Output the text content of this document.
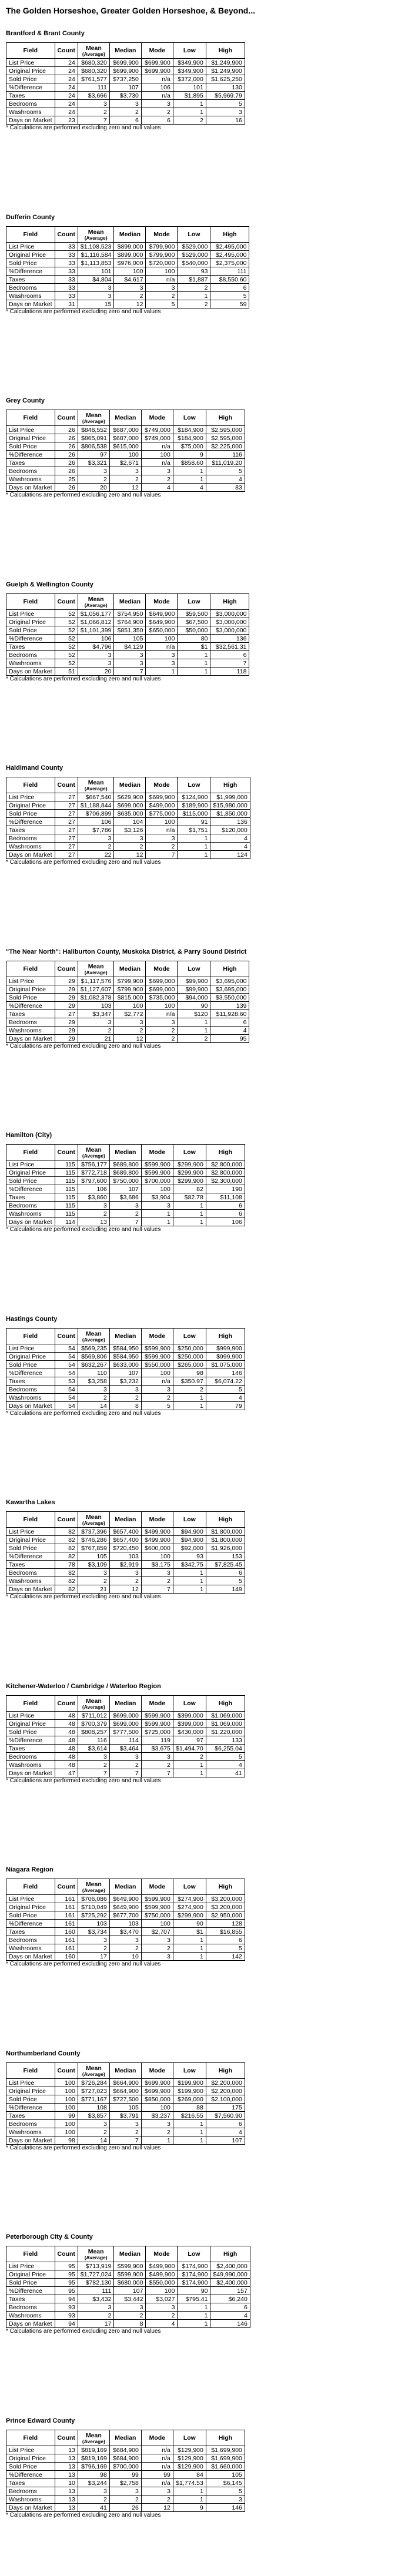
The Golden Horseshoe, Greater Golden Horseshoe, & Beyond...
Brantford & Brant County
Field	Count	Mean
(Average)	Median	Mode	Low	High
List Price	24	$680,320	$699,900	$699,900	$349,900	$1,249,900
Original Price	24	$680,320	$699,900	$699,900	$349,900	$1,249,900
Sold Price	24	$761,577	$737,250	n/a	$372,000	$1,625,250
%Difference	24	111	107	106	101	130
Taxes	24	$3,666	$3,730	n/a	$1,895	$5,969.79
Bedrooms	24	3	3	3	1	5
Washrooms	24	2	2	2	1	3
Days on Market	23	7	6	6	2	16
* Calculations are performed excluding zero and null values
Dufferin County
Field	Count	Mean
(Average)	Median	Mode	Low	High
List Price	33	$1,108,523	$899,000	$799,900	$529,000	$2,495,000
Original Price	33	$1,116,584	$899,000	$799,900	$529,000	$2,495,000
Sold Price	33	$1,113,853	$976,000	$720,000	$540,000	$2,375,000
%Difference	33	101	100	100	93	111
Taxes	33	$4,804	$4,617	n/a	$1,887	$8,550.60
Bedrooms	33	3	3	3	2	6
Washrooms	33	3	2	2	1	5
Days on Market	31	15	12	5	2	59
* Calculations are performed excluding zero and null values
Grey County
Field	Count	Mean
(Average)	Median	Mode	Low	High
List Price	26	$848,552	$687,000	$749,000	$184,900	$2,595,000
Original Price	26	$865,091	$687,000	$749,000	$184,900	$2,595,000
Sold Price	26	$806,538	$615,000	n/a	$75,000	$2,225,000
%Difference	26	97	100	100	9	116
Taxes	26	$3,321	$2,671	n/a	$858.60	$11,019.20
Bedrooms	26	3	3	3	1	5
Washrooms	25	2	2	2	1	4
Days on Market	26	20	12	4	4	83
* Calculations are performed excluding zero and null values
Guelph & Wellington County
Field	Count	Mean
(Average)	Median	Mode	Low	High
List Price	52	$1,056,177	$754,950	$649,900	$59,500	$3,000,000
Original Price	52	$1,066,812	$764,900	$649,900	$67,500	$3,000,000
Sold Price	52	$1,101,399	$851,350	$650,000	$50,000	$3,000,000
%Difference	52	106	105	100	80	136
Taxes	52	$4,796	$4,129	n/a	$1	$32,561.31
Bedrooms	52	3	3	3	1	6
Washrooms	52	3	3	3	1	7
Days on Market	51	20	7	1	1	118
* Calculations are performed excluding zero and null values
Haldimand County
Field	Count	Mean
(Average)	Median	Mode	Low	High
List Price	27	$667,540	$629,900	$699,900	$124,900	$1,999,000
Original Price	27	$1,188,844	$699,000	$499,000	$189,900	$15,980,000
Sold Price	27	$706,899	$635,000	$775,000	$115,000	$1,850,000
%Difference	27	106	104	100	91	136
Taxes	27	$7,786	$3,126	n/a	$1,751	$120,000
Bedrooms	27	3	3	3	1	4
Washrooms	27	2	2	2	1	4
Days on Market	27	22	12	7	1	124
* Calculations are performed excluding zero and null values
"The Near North": Haliburton County, Muskoka District, & Parry Sound District
Field	Count	Mean
(Average)	Median	Mode	Low	High
List Price	29	$1,117,576	$799,900	$699,000	$99,900	$3,695,000
Original Price	29	$1,127,607	$799,900	$699,000	$99,900	$3,695,000
Sold Price	29	$1,082,378	$815,000	$735,000	$94,000	$3,550,000
%Difference	29	103	100	100	90	139
Taxes	27	$3,347	$2,772	n/a	$120	$11,928.60
Bedrooms	29	3	3	3	1	6
Washrooms	29	2	2	2	1	4
Days on Market	29	21	12	2	2	95
* Calculations are performed excluding zero and null values
Hamilton (City)
Field	Count	Mean
(Average)	Median	Mode	Low	High
List Price	115	$756,177	$689,800	$599,900	$299,900	$2,800,000
Original Price	115	$772,718	$689,800	$599,900	$299,900	$2,800,000
Sold Price	115	$797,600	$750,000	$700,000	$299,900	$2,300,000
%Difference	115	106	107	100	82	190
Taxes	115	$3,860	$3,686	$3,904	$82.78	$11,108
Bedrooms	115	3	3	3	1	6
Washrooms	115	2	2	1	1	6
Days on Market	114	13	7	1	1	106
* Calculations are performed excluding zero and null values
Hastings County
Field	Count	Mean
(Average)	Median	Mode	Low	High
List Price	54	$569,235	$584,950	$599,900	$250,000	$999,900
Original Price	54	$569,806	$584,950	$599,900	$250,000	$999,900
Sold Price	54	$632,267	$633,000	$550,000	$265,000	$1,075,000
%Difference	54	110	107	100	98	146
Taxes	53	$3,258	$3,232	n/a	$350.97	$6,074.22
Bedrooms	54	3	3	3	2	5
Washrooms	54	2	2	2	1	4
Days on Market	54	14	8	5	1	79
* Calculations are performed excluding zero and null values
Kawartha Lakes
Field	Count	Mean
(Average)	Median	Mode	Low	High
List Price	82	$737,396	$657,400	$499,900	$94,900	$1,800,000
Original Price	82	$746,286	$657,400	$499,900	$94,900	$1,800,000
Sold Price	82	$767,859	$720,450	$600,000	$92,000	$1,926,000
%Difference	82	105	103	100	93	153
Taxes	78	$3,109	$2,919	$3,175	$342.75	$7,825.45
Bedrooms	82	3	3	3	1	6
Washrooms	82	2	2	2	1	5
Days on Market	82	21	12	7	1	149
* Calculations are performed excluding zero and null values
Kitchener-Waterloo / Cambridge / Waterloo Region
Field	Count	Mean
(Average)	Median	Mode	Low	High
List Price	48	$711,012	$699,000	$599,900	$399,000	$1,069,000
Original Price	48	$700,379	$699,000	$599,900	$399,000	$1,069,000
Sold Price	48	$808,257	$777,500	$725,000	$430,000	$1,220,000
%Difference	48	116	114	119	97	133
Taxes	48	$3,614	$3,464	$3,675	$1,494.70	$6,255.04
Bedrooms	48	3	3	3	2	5
Washrooms	48	2	2	2	1	4
Days on Market	47	7	7	7	1	41
* Calculations are performed excluding zero and null values
Niagara Region
Field	Count	Mean
(Average)	Median	Mode	Low	High
List Price	161	$706,086	$649,900	$599,900	$274,900	$3,200,000
Original Price	161	$710,049	$649,900	$599,900	$274,900	$3,200,000
Sold Price	161	$725,292	$677,700	$750,000	$299,900	$2,950,000
%Difference	161	103	103	100	90	128
Taxes	160	$3,734	$3,470	$2,707	$1	$16,855
Bedrooms	161	3	3	3	1	6
Washrooms	161	2	2	2	1	5
Days on Market	160	17	10	3	1	142
* Calculations are performed excluding zero and null values
Northumberland County
Field	Count	Mean
(Average)	Median	Mode	Low	High
List Price	100	$726,284	$664,900	$699,900	$199,900	$2,200,000
Original Price	100	$727,023	$664,900	$699,900	$199,900	$2,200,000
Sold Price	100	$771,167	$727,500	$850,000	$269,000	$2,100,000
%Difference	100	108	105	100	88	175
Taxes	99	$3,857	$3,791	$3,237	$216.55	$7,560.90
Bedrooms	100	3	3	3	1	6
Washrooms	100	2	2	2	1	4
Days on Market	98	14	7	1	1	107
* Calculations are performed excluding zero and null values
Peterborough City & County
Field	Count	Mean
(Average)	Median	Mode	Low	High
List Price	95	$713,919	$599,900	$499,900	$174,900	$2,400,000
Original Price	95	$1,727,024	$599,900	$499,900	$174,900	$49,990,000
Sold Price	95	$782,130	$680,000	$550,000	$174,900	$2,400,000
%Difference	95	111	107	100	90	157
Taxes	94	$3,432	$3,442	$3,027	$795.41	$6,240
Bedrooms	93	3	3	3	1	6
Washrooms	93	2	2	2	1	4
Days on Market	94	17	8	4	1	146
* Calculations are performed excluding zero and null values
Prince Edward County
Field	Count	Mean
(Average)	Median	Mode	Low	High
List Price	13	$819,169	$684,900	n/a	$129,900	$1,699,900
Original Price	13	$819,169	$684,900	n/a	$129,900	$1,699,900
Sold Price	13	$796,169	$700,000	n/a	$129,900	$1,660,000
%Difference	13	98	99	99	84	105
Taxes	10	$3,244	$2,758	n/a	$1,774.53	$6,145
Bedrooms	13	3	3	3	1	5
Washrooms	13	2	2	2	1	3
Days on Market	13	41	26	12	9	146
* Calculations are performed excluding zero and null values
